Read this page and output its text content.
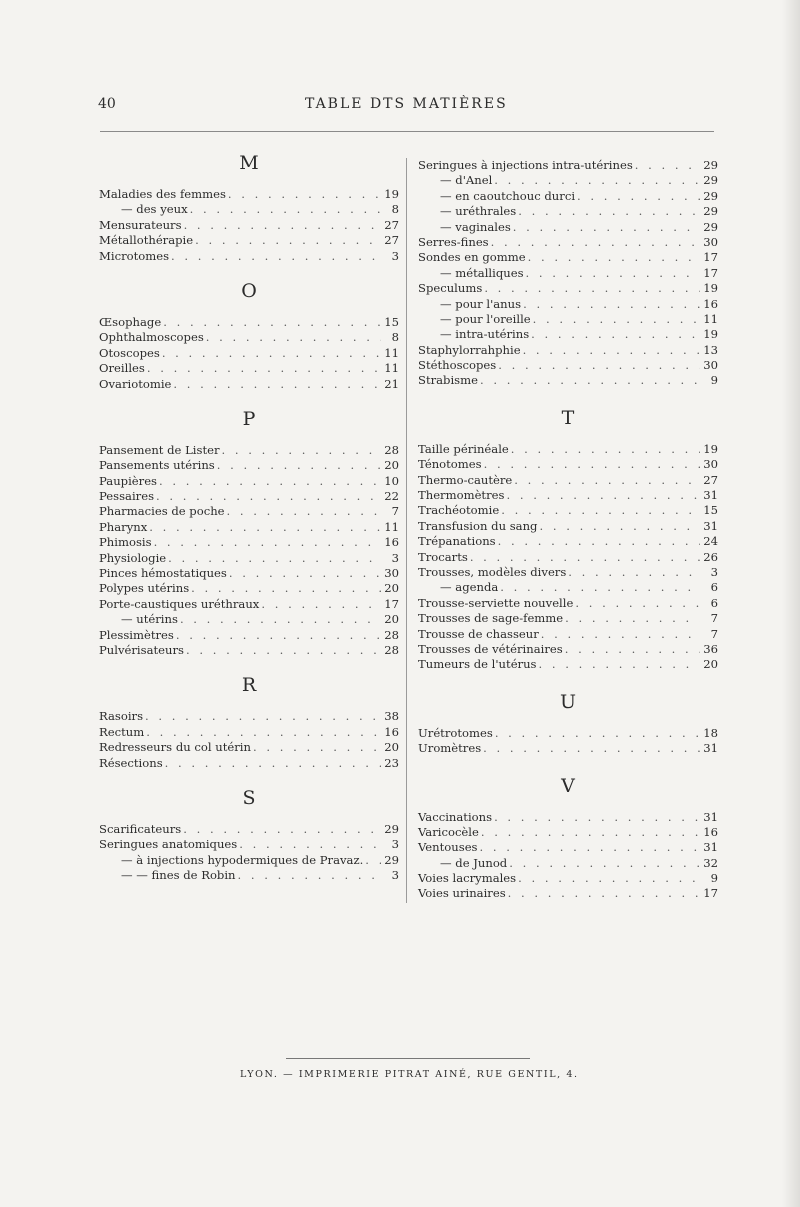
40	TABLE DTS MATIÈRES
M
Maladies des femmes . . .	19
— des yeux . . .	8
Mensurateurs . . .	27
Métallothérapie . . .	27
Microtomes . . .	3
O
Œsophage . . .	15
Ophthalmoscopes . . .	8
Otoscopes . . .	11
Oreilles . . .	11
Ovariotomie . . .	21
P
Pansement de Lister . . .	28
Pansements utérins . . .	20
Paupières . . .	10
Pessaires . . .	22
Pharmacies de poche . . .	7
Pharynx . . .	11
Phimosis . . .	16
Physiologie . . .	3
Pinces hémostatiques . . .	30
Polypes utérins . . .	20
Porte-caustiques uréthraux . . .	17
— utérins . . .	20
Plessimètres . . .	28
Pulvérisateurs . . .	28
R
Rasoirs . . .	38
Rectum . . .	16
Redresseurs du col utérin . . .	20
Résections . . .	23
S
Scarificateurs . . .	29
Seringues anatomiques . . .	3
— à injections hypodermiques de Pravaz. . . . 29
— — fines de Robin . . .	3
Seringues à injections intra-utérines . . .	29
— d'Anel . . .	29
— en caoutchouc durci . . .	29
— uréthrales . . .	29
— vaginales . . .	29
Serres-fines . . .	30
Sondes en gomme . . .	17
— métalliques . . .	17
Speculums . . .	19
— pour l'anus . . .	16
— pour l'oreille . . .	11
— intra-utérins . . .	19
Staphylorrahphie . . .	13
Stéthoscopes . . .	30
Strabisme . . .	9
T
Taille périnéale . . .	19
Ténotomes . . .	30
Thermo-cautère . . .	27
Thermomètres . . .	31
Trachéotomie . . .	15
Transfusion du sang . . .	31
Trépanations . . .	24
Trocarts . . .	26
Trousses, modèles divers . . .	3
— agenda . . .	6
Trousse-serviette nouvelle . . .	6
Trousses de sage-femme . . .	7
Trousse de chasseur . . .	7
Trousses de vétérinaires . . .	36
Tumeurs de l'utérus . . .	20
U
Urétrotomes . . .	18
Uromètres . . .	31
V
Vaccinations . . .	31
Varicocèle . . .	16
Ventouses . . .	31
— de Junod . . .	32
Voies lacrymales . . .	9
Voies urinaires . . .	17
LYON. — IMPRIMERIE PITRAT AINÉ, RUE GENTIL, 4.
